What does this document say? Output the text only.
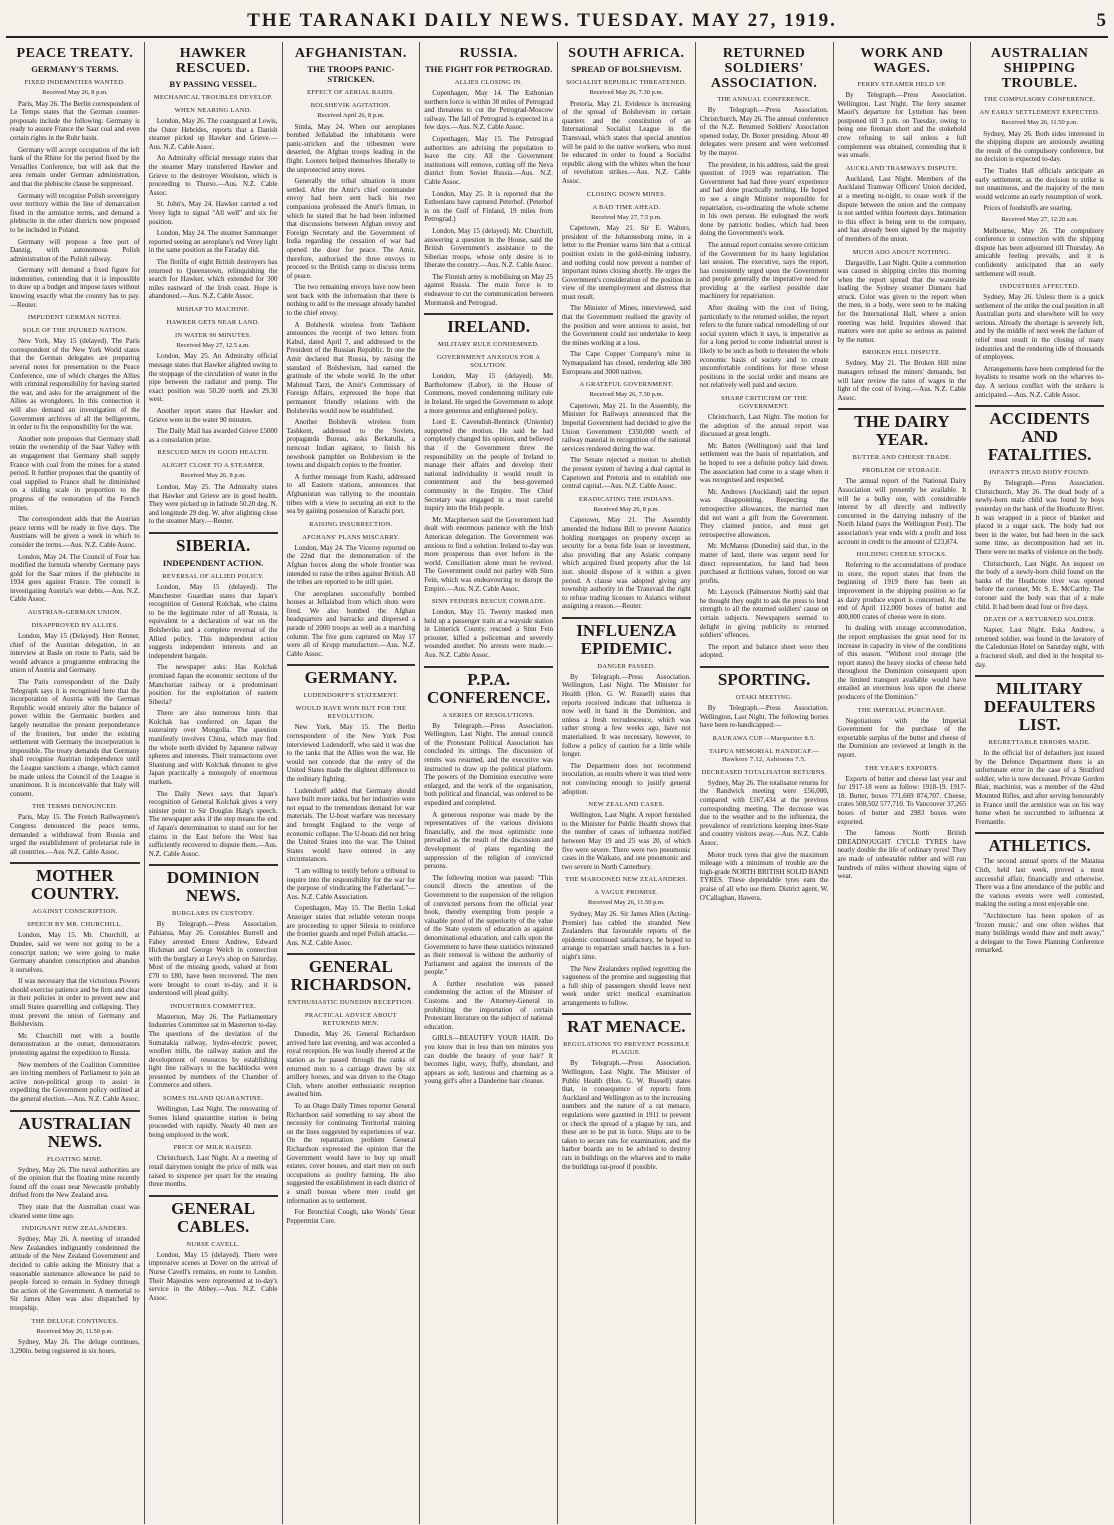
THE TARANAKI DAILY NEWS. TUESDAY. MAY 27, 1919.	5
PEACE TREATY.
GERMANY'S TERMS.
FIXED INDEMNITIES WANTED.
Received May 26, 8 p.m.

Paris, May 26. The Berlin correspondent of Le Temps states that the German counter-proposals include the following: Germany is ready to assure France the Saar coal and even certain rights in the Ruhr basin.

Germany will accept occupation of the left bank of the Rhine for the period fixed by the Versailles Conference, but will ask that the area remain under German administration, and that the plebiscite clause be suppressed.

Germany will recognise Polish sovereignty over territory within the line of demarcation fixed in the armistice terms, and demand a plebiscite in the other districts now proposed to be included in Poland.

Germany will propose a free port of Danzig, with autonomous Polish administration of the Polish railway.

Germany will demand a fixed figure for indemnities, contending that it is impossible to draw up a budget and impose taxes without knowing exactly what the country has to pay.—Reuter.

IMPUDENT GERMAN NOTES.
SOLE OF THE INJURED NATION.

New York, May 15 (delayed). The Paris correspondent of the New York World states that the German delegates are preparing several notes for presentation to the Peace Conference, one of which charges the Allies with criminal responsibility for having started the war, and asks for the arraignment of the Allies as wrongdoers. In this connection it will also demand an investigation of the Government archives of all the belligerents, in order to fix the responsibility for the war.

Another note proposes that Germany shall retain the ownership of the Saar Valley with an engagement that Germany shall supply France with coal from the mines for a stated period. It further proposes that the quantity of coal supplied to France shall be diminished on a sliding scale in proportion to the progress of the restoration of the French mines.

The correspondent adds that the Austrian peace terms will be ready in five days. The Austrians will be given a week in which to consider the terms.—Aus. N.Z. Cable Assoc.

London, May 24. The Council of Four has modified the formula whereby Germany pays gold for the Saar mines if the plebiscite in 1934 goes against France. The council is investigating Austria's war debts.—Aus. N.Z. Cable Assoc.

AUSTRIAN-GERMAN UNION.
DISAPPROVED BY ALLIES.

London, May 15 (Delayed). Herr Renner, chief of the Austrian delegation, in an interview at Basle on route to Paris, said he would advance a programme embracing the union of Austria and Germany.

The Paris correspondent of the Daily Telegraph says it is recognised here that the incorporation of Austria with the German Republic would entirely alter the balance of power within the Germanic borders and largely neutralise the present preponderance of the frontiers, but under the existing settlement with Germany the incorporation is impossible. The treaty demands that Germany shall recognise Austrian independence until the League sanctions a change, which cannot be made unless the Council of the League is unanimous. It is inconceivable that Italy will consent.

THE TERMS DENOUNCED.

Paris, May 15. The French Railwaymen's Congress denounced the peace terms, demanded a withdrawal from Russia and urged the establishment of proletariat rule in all countries.—Aus. N.Z. Cable Assoc.

MOTHER COUNTRY.
AGAINST CONSCRIPTION.
SPEECH BY MR. CHURCHILL.

London, May 15. Mr. Churchill, at Dundee, said we were not going to be a conscript nation; we were going to make Germany abandon conscription and abandon it ourselves.

If was necessary that the victorious Powers should exercise patience and be firm and clear in their policies in order to prevent new and small States quarrelling and collapsing. They must prevent the union of Germany and Bolshevism.

Mr. Churchill met with a hostile demonstration at the outset, demonstrators protesting against the expedition to Russia.

New members of the Coalition Committee are inviting members of Parliament to join an active non-political group to assist in expediting the Government policy outlined at the general election.—Aus. N.Z. Cable Assoc.

AUSTRALIAN NEWS.
FLOATING MINE.

Sydney, May 26. The naval authorities are of the opinion that the floating mine recently found off the coast near Newcastle probably drifted from the New Zealand area.

They state that the Australian coast was cleared some time ago.

INDIGNANT NEW ZEALANDERS.

Sydney, May 26. A meeting of stranded New Zealanders indignantly condemned the attitude of the New Zealand Government and decided to cable asking the Ministry that a reasonable sustenance allowance be paid to people forced to remain in Sydney through the action of the Government. A memorial to Sir James Allen was also dispatched by troopship.

THE DELUGE CONTINUES.
Received May 26, 11.50 p.m.

Sydney, May 26. The deluge continues, 3,290in. being registered in six hours.

HAWKER RESCUED.
BY PASSING VESSEL.
MECHANICAL TROUBLES DEVELOP.
WHEN NEARING LAND.

London, May 26. The coastguard at Lewis, the Outer Hebrides, reports that a Danish steamer picked up Hawker and Grieve.—Aus. N.Z. Cable Assoc.

An Admiralty official message states that the steamer Mary transferred Hawker and Grieve to the destroyer Woolston, which is proceeding to Thurso.—Aus. N.Z. Cable Assoc.

St. John's, May 24. Hawker carried a red Verey light to signal "All well" and six for position.

London, May 24. The steamer Sammanger reported seeing an aeroplane's red Verey light in the same position as the Faraday did.

The flotilla of eight British destroyers has returned to Queenstown, relinquishing the search for Hawker, which extended for 300 miles eastward of the Irish coast. Hope is abandoned.—Aus. N.Z. Cable Assoc.

MISHAP TO MACHINE.
HAWKER GETS NEAR LAND.
IN WATER 90 MINUTES.
Received May 27, 12.5 a.m.

London, May 25. An Admiralty official message states that Hawker alighted owing to the stoppage of the circulation of water in the pipe between the radiator and pump. The exact position was 50.20 north and 29.30 west.

Another report states that Hawker and Grieve were in the water 90 minutes.

The Daily Mail has awarded Grieve £5000 as a consolation prize.

RESCUED MEN IN GOOD HEALTH.
ALIGHT CLOSE TO A STEAMER.
Received May 26, 8 p.m.

London, May 25. The Admiralty states that Hawker and Grieve are in good health. They were picked up in latitude 50.20 deg. N. and longitude 29 deg. W. after alighting close to the steamer Mary.—Reuter.

SIBERIA.
INDEPENDENT ACTION.
REVERSAL OF ALLIED POLICY.

London, May 15 (delayed). The Manchester Guardian states that Japan's recognition of General Kolchak, who claims to be the legitimate ruler of all Russia, is equivalent to a declaration of war on the Bolsheviks and a complete reversal of the Allied policy. This independent action suggests independent interests and an independent bargain.

The newspaper asks: Has Kolchak promised Japan the economic sections of the Manchurian railway or a predominant position for the exploitation of eastern Siberia?

There are also numerous hints that Kolchak has conferred on Japan the suzerainty over Mongolia. The question manifestly involves China, which may find the whole north divided by Japanese railway spheres and interests. Their transactions over Shantung and with Kolchak threaten to give Japan practically a monopoly of enormous markets.

The Daily News says that Japan's recognition of General Kolchak gives a very sinister point to Sir Douglas Haig's speech. The newspaper asks if the step means the end of Japan's determination to stand out for her claims in the East before the West has sufficiently recovered to dispute them.—Aus. N.Z. Cable Assoc.

DOMINION NEWS.
BURGLARS IN CUSTODY.

By Telegraph.—Press Association. Pahiatua, May 26. Constables Burrell and Fahey arrested Ernest Andrew, Edward Hickman and George Welch in connection with the burglary at Levy's shop on Saturday. Most of the missing goods, valued at from £70 to £80, have been recovered. The men were brought to court to-day, and it is understood will plead guilty.

INDUSTRIES COMMITTEE.

Masterton, May 26. The Parliamentary Industries Committee sat in Masterton to-day. The questions of the deviation of the Sumatakia railway, hydro-electric power, woollen mills, the railway station and the development of resources by establishing light line railways to the backblocks were presented by members of the Chamber of Commerce and others.

SOMES ISLAND QUARANTINE.

Wellington, Last Night. The renovating of Somes Island quarantine station is being proceeded with rapidly. Nearly 40 men are being employed in the work.

PRICE OF MILK RAISED.

Christchurch, Last Night. At a meeting of retail dairymen tonight the price of milk was raised to sixpence per quart for the ensuing three months.

GENERAL CABLES.
NURSE CAVELL.

London, May 15 (delayed). There were impressive scenes at Dover on the arrival of Nurse Cavell's remains, en route to London. Their Majesties were represented at to-day's service in the Abbey.—Aus. N.Z. Cable Assoc.

AFGHANISTAN.
THE TROOPS PANIC-STRICKEN.
EFFECT OF AERIAL RAIDS.
BOLSHEVIK AGITATION.
Received April 26, 8 p.m.

Simla, May 24. When our aeroplanes bombed Jellalabad the inhabitants were panic-stricken and the tribesmen were deserted, the Afghan troops leading in the flight. Looters helped themselves liberally to the unprotected army stores.

Generally the tribal situation is more settled. After the Amir's chief commander envoy had been sent back his two companions professed the Amir's firman, in which he stated that he had been informed that discussions between Afghan envoy and Foreign Secretary and the Government of India regarding the cessation of war had opened the door for peace. The Amir, therefore, authorised the three envoys to proceed to the British camp to discuss terms of peace.

The two remaining envoys have now been sent back with the information that there is nothing to add to the message already handed to the chief envoy.

A Bolshevik wireless from Tashkent announces the receipt of two letters from Kabul, dated April 7, and addressed to the President of the Russian Republic. In one the Amir declared that Russia, by raising the standard of Bolshevism, had earned the gratitude of the whole world. In the other Mahmud Tarzi, the Amir's Commissary of Foreign Affairs, expressed the hope that permanent friendly relations with the Bolsheviks would now be established.

Another Bolshevik wireless from Tashkent, addressed to the Soviets, propaganda Bureau, asks Berkatulla, a turncoat Indian agitator, to finish his newsbook pamphlet on Bolshevism in the towns and dispatch copies to the frontier.

A further message from Kashi, addressed to all Eastern stations, announces that Afghanistan was rallying to the mountain tribes with a view to securing an exit to the sea by gaining possession of Karachi port.

RAISING INSURRECTION.
AFGHANS' PLANS MISCARRY.

London, May 24. The Viceroy reported on the 22nd that the demonstration of the Afghan forces along the whole frontier was intended to raise the tribes against British. All the tribes are reported to be still quiet.

Our aeroplanes successfully bombed houses at Jellalabad from which shots were fired. We also bombed the Afghan headquarters and barracks and dispersed a parade of 2000 troops as well as a marching column. The five guns captured on May 17 were all of Krupp manufacture.—Aus. N.Z. Cable Assoc.

GERMANY.
LUDENDORFF'S STATEMENT.
WOULD HAVE WON BUT FOR THE REVOLUTION.

New York, May 15. The Berlin correspondent of the New York Post interviewed Ludendorff, who said it was due to the tanks that the Allies won the war. He would not concede that the entry of the United States made the slightest difference to the ordinary fighting.

Ludendorff added that Germany should have built more tanks, but her industries were not equal to the tremendous demand for war materials. The U-boat warfare was necessary and brought England to the verge of economic collapse. The U-boats did not bring the United States into the war. The United States would have entered in any circumstances.

"I am willing to testify before a tribunal to inquire into the responsibility for the war for the purpose of vindicating the Fatherland."—Aus. N.Z. Cable Association.

Copenhagen, May 15. The Berlin Lokal Anzeiger states that reliable veteran troops are proceeding to upper Silesia to reinforce the frontier guards and repel Polish attacks.—Aus. N.Z. Cable Assoc.

GENERAL RICHARDSON.
ENTHUSIASTIC DUNEDIN RECEPTION.
PRACTICAL ADVICE ABOUT RETURNED MEN.

Dunedin, May 26. General Richardson arrived here last evening, and was accorded a royal reception. He was loudly cheered at the station as he passed through the ranks of returned men to a carriage drawn by six artillery horses, and was driven to the Otago Club, where another enthusiastic reception awaited him.

To an Otago Daily Times reporter General Richardson said something to say about the necessity for continuing Territorial training on the lines suggested by experiences of war. On the repatriation problem General Richardson expressed the opinion that the Government would have to buy up small estates, cover houses, and start men on such occupations as poultry farming. He also suggested the establishment in each district of a small bureau where men could get information as to settlement.

For Bronchial Cough, take Woods' Great Peppermint Cure.

RUSSIA.
THE FIGHT FOR PETROGRAD.
ALLIES CLOSING IN.

Copenhagen, May 14. The Esthonian northern force is within 30 miles of Petrograd and threatens to cut the Petrograd-Moscow railway. The fall of Petrograd is expected in a few days.—Aus. N.Z. Cable Assoc.

Copenhagen, May 15. The Petrograd authorities are advising the population to leave the city. All the Government institutions will remove, cutting off the Neva district from Soviet Russia.—Aus. N.Z. Cable Assoc.

London, May 25. It is reported that the Esthonians have captured Peterhof. (Peterhof is on the Gulf of Finland, 19 miles from Petrograd.)

London, May 15 (delayed). Mr. Churchill, answering a question in the House, said the British Government's assistance to the Siberian troops, whose only desire is to liberate the country.—Aus. N.Z. Cable Assoc.

The Finnish army is mobilising on May 25 against Russia. The main force is to endeavour to cut the communication between Murmansk and Petrograd.

IRELAND.
MILITARY RULE CONDEMNED.
GOVERNMENT ANXIOUS FOR A SOLUTION.

London, May 15 (delayed). Mr. Bartholomew (Labor), in the House of Commons, moved condemning military rule in Ireland. He urged the Government to adopt a more generous and enlightened policy.

Lord E. Cavendish-Bentinck (Unionist) supported the motion. He said he had completely changed his opinion, and believed that if the Government threw the responsibility on the people of Ireland to manage their affairs and develop their national individuality it would result in contentment and the best-governed community in the Empire. The Chief Secretary was engaged in a most careful inquiry into the Irish people.

Mr. Macpherson said the Government had dealt with enormous patience with the Irish American delegation. The Government was anxious to find a solution. Ireland to-day was more prosperous than ever before in the world. Conciliation alone must be revived. The Government could not parley with Sinn Fein, which was endeavouring to disrupt the Empire.—Aus. N.Z. Cable Assoc.

SINN FEINERS RESCUE COMRADE.

London, May 15. Twenty masked men held up a passenger train at a wayside station in Limerick County, rescued a Sinn Fein prisoner, killed a policeman and severely wounded another. No arrests were made.—Aus. N.Z. Cable Assoc.

P.P.A. CONFERENCE.
A SERIES OF RESOLUTIONS.

By Telegraph.—Press Association. Wellington, Last Night. The annual council of the Protestant Political Association has concluded its sittings. The discussion of remits was resumed, and the executive was instructed to draw up the political platform. The powers of the Dominion executive were enlarged, and the work of the organisation, both political and financial, was ordered to be expedited and completed.

A generous response was made by the representatives of the various divisions financially, and the most optimistic tone prevailed as the result of the discussion and development of plans regarding the suppression of the religion of convicted persons.

The following motion was passed: "This council directs the attention of the Government to the suspension of the religion of convicted persons from the official year book, thereby exempting from people a valuable proof of the superiority of the value of the State system of education as against denominational education, and calls upon the Government to have these statistics reinstated as their removal is without the authority of Parliament and against the interests of the people."

A further resolution was passed condemning the action of the Minister of Customs and the Attorney-General in prohibiting the importation of certain Protestant literature on the subject of national education.

GIRLS—BEAUTIFY YOUR HAIR. Do you know that in less than ten minutes you can double the beauty of your hair? It becomes light, wavy, fluffy, abundant, and appears as soft, lustrous and charming as a young girl's after a Danderine hair cleanse.

SOUTH AFRICA.
SPREAD OF BOLSHEVISM.
SOCIALIST REPUBLIC THREATENED.
Received May 26, 7.30 p.m.

Pretoria, May 21. Evidence is increasing of the spread of Bolshevism in certain quarters and the constitution of an International Socialist League in the Transvaal, which states that special attention will be paid to the native workers, who must be educated in order to found a Socialist republic along with the whites when the hour of revolution strikes.—Aus. N.Z. Cable Assoc.

CLOSING DOWN MINES.
A BAD TIME AHEAD.
Received May 27, 7.5 p.m.

Capetown, May 21. Sir E. Walters, president of the Johannesburg mine, in a letter to the Premier warns him that a critical position exists in the gold-mining industry, and nothing could now prevent a number of important mines closing shortly. He urges the Government's consideration of the position in view of the unemployment and distress that must result.

The Minister of Mines, interviewed, said that the Government realised the gravity of the position and were anxious to assist, but the Government could not undertake to keep the mines working at a loss.

The Cape Copper Company's mine in Nymaqualand has closed, rendering idle 300 Europeans and 3000 natives.

A GRATEFUL GOVERNMENT.
Received May 26, 7.30 p.m.

Capetown, May 21. In the Assembly, the Minister for Railways announced that the Imperial Government had decided to give the Union Government £350,000 worth of railway material in recognition of the national services rendered during the war.

The Senate rejected a motion to abolish the present system of having a dual capital in Capetown and Pretoria and to establish one central capital.—Aus. N.Z. Cable Assoc.

ERADICATING THE INDIANS.
Received May 26, 8 p.m.

Capetown, May 21. The Assembly amended the Indians Bill to prevent Asiatics holding mortgages on property except as security for a bona fide loan or investment, also providing that any Asiatic company which acquired fixed property after the 1st inst. should dispose of it within a given period. A clause was adopted giving any township authority in the Transvaal the right to refuse trading licenses to Asiatics without assigning a reason.—Reuter.

INFLUENZA EPIDEMIC.
DANGER PASSED.

By Telegraph.—Press Association. Wellington, Last Night. The Minister for Health (Hon. G. W. Russell) states that reports received indicate that influenza is now well in hand in the Dominion, and unless a fresh recrudescence, which was rather strong a few weeks ago, have not materialised. It was necessary, however, to follow a policy of caution for a little while longer.

The Department does not recommend inoculation, as results where it was tried were not convincing enough to justify general adoption.

NEW ZEALAND CASES.

Wellington, Last Night. A report furnished to the Minister for Public Health shows that the number of cases of influenza notified between May 19 and 25 was 20, of which five were severe. There were two pneumonic cases in the Waikato, and one pneumonic and two severe in North Canterbury.

THE MAROONED NEW ZEALANDERS.
A VAGUE PROMISE.
Received May 26, 11.50 p.m.

Sydney, May 26. Sir James Allen (Acting-Premier) has cabled the stranded New Zealanders that favourable reports of the epidemic continued satisfactory, he hoped to arrange to repatriate small batches in a fort-night's time.

The New Zealanders replied regretting the vagueness of the promise and suggesting that a full ship of passengers should leave next week under strict medical examination arrangements to follow.

RAT MENACE.
REGULATIONS TO PREVENT POSSIBLE PLAGUE.

By Telegraph.—Press Association. Wellington, Last Night. The Minister of Public Health (Hon. G. W. Russell) states that, in consequence of reports from Auckland and Wellington as to the increasing numbers and the nature of a rat menace, regulations were gazetted in 1911 to prevent or check the spread of a plague by rats, and these are to be put in force. Ships are to be taken to secure rats for examination, and the harbor boards are to be advised to destroy rats in buildings on the wharves and to make the buildings rat-proof if possible.

RETURNED SOLDIERS' ASSOCIATION.
THE ANNUAL CONFERENCE.

By Telegraph.—Press Association. Christchurch, May 26. The annual conference of the N.Z. Returned Soldiers' Association opened today, Dr. Boxer presiding. About 40 delegates were present and were welcomed by the mayor.

The president, in his address, said the great question of 1919 was repatriation. The Government had had three years' experience and had done practically nothing. He hoped to see a single Minister responsible for repatriation, co-ordinating the whole scheme in his own person. He eulogised the work done by patriotic bodies, which had been doing the Government's work.

The annual report contains severe criticism of the Government for its hasty legislation last session. The executive, says the report, has consistently urged upon the Government and people generally the imperative need for providing at the earliest possible date machinery for repatriation.

After dealing with the cost of living, particularly to the returned soldier, the report refers to the future radical remodelling of our social system which it says, is imperative as for a long period to come industrial unrest is likely to be such as both to threaten the whole economic basis of society and to create uncomfortable conditions for those whose positions in the social order and means are not relatively well paid and secure.

SHARP CRITICISM OF THE GOVERNMENT.

Christchurch, Last Night. The motion for the adoption of the annual report was discussed at great length.

Mr. Batten (Wellington) said that land settlement was the basis of repatriation, and he hoped to see a definite policy laid down. The association had come to a stage when it was recognised and respected.

Mr. Andrews (Auckland) said the report was disappointing. Respecting the retrospective allowances, the married men did not want a gift from the Government. They claimed justice, and must get retrospective allowances.

Mr. McManus (Dunedin) said that, in the matter of land, there was urgent need for direct representation, for land had been purchased at fictitious values, forced on war profits.

Mr. Laycock (Palmerston North) said that he thought they ought to ask the press to lend strength to all the returned soldiers' cause on certain subjects. Newspapers seemed to delight in giving publicity to returned soldiers' offences.

The report and balance sheet were then adopted.

SPORTING.
OTAKI MEETING.

By Telegraph.—Press Association. Wellington, Last Night. The following horses have been re-handicapped:—

RAUKAWA CUP.—Marquetter 8.5.
TAIPUA MEMORIAL HANDICAP.—Hawkore 7.12, Ashtonna 7.5.
DECREASED TOTALISATOR RETURNS.

Sydney, May 26. The totalisator returns for the Randwick meeting were £56,000, compared with £167,434 at the previous corresponding meeting. The decrease was due to the weather and to the influenza, the prevalence of restrictions keeping inter-State and country visitors away.—Aus. N.Z. Cable Assoc.

Motor truck tyres that give the maximum mileage with a minimum of trouble are the high-grade NORTH BRITISH SOLID BAND TYRES. These dependable tyres earn the praise of all who use them. District agent, W. O'Callaghan, Hawera.

WORK AND WAGES.
FERRY STEAMER HELD UP.

By Telegraph.—Press Association. Wellington, Last Night. The ferry steamer Maori's departure for Lyttelton has been postponed till 3 p.m. on Tuesday, owing to being one fireman short and the stokehold crew refusing to sail unless a full complement was obtained, contending that it was unsafe.

AUCKLAND TRAMWAYS DISPUTE.

Auckland, Last Night. Members of the Auckland Tramway Officers' Union decided, at a meeting to-night, to cease work if the dispute between the union and the company is not settled within fourteen days. Intimation to this effect is being sent to the company, and has already been signed by the majority of members of the union.

MUCH ADO ABOUT NOTHING.

Dargaville, Last Night. Quite a commotion was caused in shipping circles this morning when the report spread that the waterside loading the Sydney steamer Dumaru had struck. Color was given to the report when the men, in a body, were seen to be making for the International Hall, where a union meeting was held. Inquiries showed that matters were not quite so serious as painted by the rumor.

BROKEN HILL DISPUTE.

Sydney, May 21. The Broken Hill mine managers refused the miners' demands, but will later review the rates of wages in the light of the cost of living.—Aus. N.Z. Cable Assoc.

THE DAIRY YEAR.
BUTTER AND CHEESE TRADE.
PROBLEM OF STORAGE.

The annual report of the National Dairy Association will presently be available. It will be a bulky one, with considerable interest by all directly and indirectly concerned in the dairying industry of the North Island (says the Wellington Post). The association's year ends with a profit and loss account in credit to the amount of £23,874.

HOLDING CHEESE STOCKS.

Referring to the accumulations of produce in store, the report states that from the beginning of 1919 there has been an improvement in the shipping position so far as dairy produce export is concerned. At the end of April 112,000 boxes of butter and 400,000 crates of cheese were in store.

In dealing with storage accommodation, the report emphasises the great need for its increase in capacity in view of the conditions of this season. "Without cool storage (the report states) the heavy stocks of cheese held throughout the Dominion consequent upon the limited transport available would have entailed an enormous loss upon the cheese producers of the Dominion."

THE IMPERIAL PURCHASE.

Negotiations with the Imperial Government for the purchase of the exportable surplus of the butter and cheese of the Dominion are reviewed at length in the report.

THE YEAR'S EXPORTS.

Exports of butter and cheese last year and for 1917-18 were as follow: 1918-19. 1917-18. Butter, boxes 771,669 874,707. Cheese, crates 508,502 577,710. To Vancouver 37,265 boxes of butter and 2983 boxes were exported.

The famous North British DREADNOUGHT CYCLE TYRES have nearly double the life of ordinary tyres! They are made of unbeatable rubber and will run hundreds of miles without showing signs of wear.

AUSTRALIAN SHIPPING TROUBLE.
THE COMPULSORY CONFERENCE.
AN EARLY SETTLEMENT EXPECTED.
Received May 26, 11.50 p.m.

Sydney, May 26. Both sides interested in the shipping dispute are anxiously awaiting the result of the compulsory conference, but no decision is expected to-day.

The Trades Hall officials anticipate an early settlement, as the decision to strike is not unanimous, and the majority of the men would welcome an early resumption of work.

Prices of foodstuffs are soaring.

Received May 27, 12.20 a.m.

Melbourne, May 26. The compulsory conference in connection with the shipping dispute has been adjourned till Thursday. An amicable feeling prevails, and it is confidently anticipated that an early settlement will result.

INDUSTRIES AFFECTED.

Sydney, May 26. Unless there is a quick settlement of the strike the coal position in all Australian ports and elsewhere will be very serious. Already the shortage is severely felt, and by the middle of next week the failure of relief must result in the closing of many industries and the rendering idle of thousands of employees.

Arrangements have been completed for the loyalists to resume work on the wharves to-day. A serious conflict with the strikers is anticipated.—Aus. N.Z. Cable Assoc.

ACCIDENTS AND FATALITIES.
INFANT'S DEAD BODY FOUND.

By Telegraph.—Press Association. Christchurch, May 26. The dead body of a newly-born male child was found by boys yesterday on the bank of the Heathcote River. It was wrapped in a piece of blanket and placed in a sugar sack. The body had not been in the water, but had been in the sack some time, as decomposition had set in. There were no marks of violence on the body.

Christchurch, Last Night. An inquest on the body of a newly-born child found on the banks of the Heathcote river was opened before the coroner, Mr. S. E. McCarthy. The coroner said the body was that of a male child. It had been dead four or five days.

DEATH OF A RETURNED SOLDIER.

Napier, Last Night. Eska Andrew, a returned soldier, was found in the lavatory of the Caledonian Hotel on Saturday night, with a fractured skull, and died in the hospital to-day.

MILITARY DEFAULTERS LIST.
REGRETTABLE ERRORS MADE.

In the official list of defaulters just issued by the Defence Department there is an unfortunate error in the case of a Stratford soldier, who is now deceased. Private Gordon Blair, machinist, was a member of the 42nd Mounted Rifles, and after serving honourably in France until the armistice was on his way home when he succumbed to influenza at Fremantle.

ATHLETICS.

The second annual sports of the Matatua Club, held last week, proved a most successful affair, financially and otherwise. There was a fine attendance of the public and the various events were well contested, making the outing a most enjoyable one.

"Architecture has been spoken of as 'frozen music,' and one often wishes that many buildings would thaw and melt away," a delegate to the Town Planning Conference remarked.
